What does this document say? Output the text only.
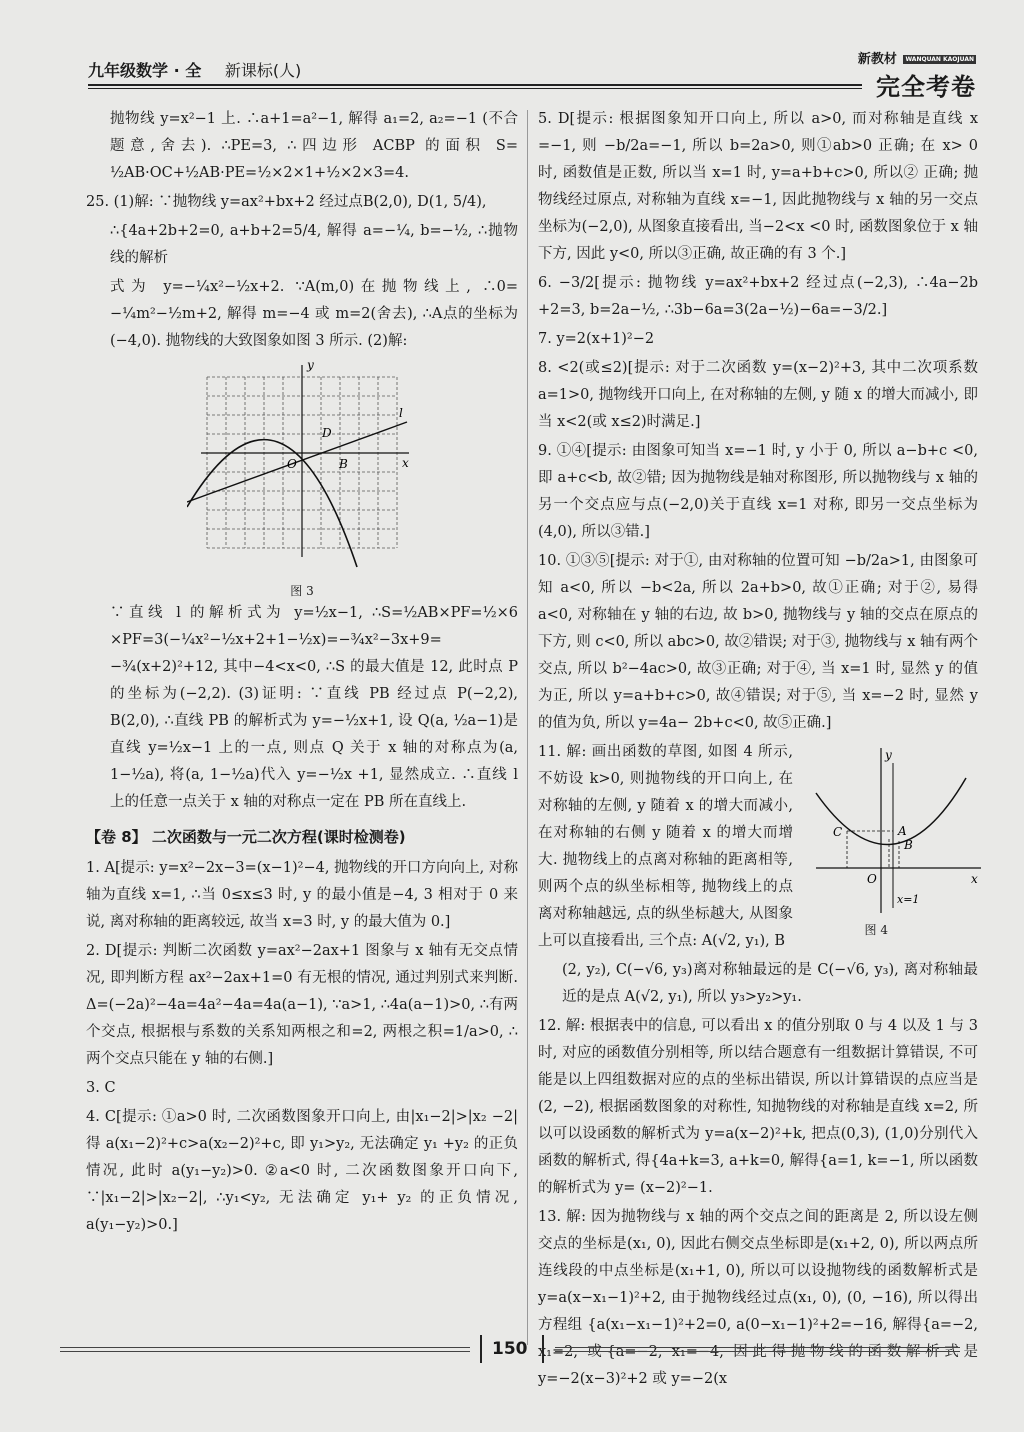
九年级数学 · 全 新课标(人)
新教材 WANQUAN KAOJUAN
完全考卷
抛物线 y=x²−1 上. ∴a+1=a²−1, 解得 a₁=2, a₂=−1 (不合题意,舍去). ∴PE=3, ∴四边形 ACBP 的面积 S= ½AB·OC+½AB·PE=½×2×1+½×2×3=4.
25. (1)解: ∵抛物线 y=ax²+bx+2 经过点B(2,0), D(1, 5/4),
∴{4a+2b+2=0, a+b+2=5/4, 解得 a=−¼, b=−½, ∴抛物线的解析
式为 y=−¼x²−½x+2. ∵A(m,0)在抛物线上, ∴0= −¼m²−½m+2, 解得 m=−4 或 m=2(舍去), ∴A点的坐标为(−4,0). 抛物线的大致图象如图 3 所示. (2)解:
y
x
O
D
B
l
图 3
∵直线 l 的解析式为 y=½x−1, ∴S=½AB×PF=½×6 ×PF=3(−¼x²−½x+2+1−½x)=−¾x²−3x+9= −¾(x+2)²+12, 其中−4<x<0, ∴S 的最大值是 12, 此时点 P 的坐标为(−2,2). (3)证明: ∵直线 PB 经过点 P(−2,2), B(2,0), ∴直线 PB 的解析式为 y=−½x+1, 设 Q(a, ½a−1)是直线 y=½x−1 上的一点, 则点 Q 关于 x 轴的对称点为(a, 1−½a), 将(a, 1−½a)代入 y=−½x +1, 显然成立. ∴直线 l 上的任意一点关于 x 轴的对称点一定在 PB 所在直线上.
【卷 8】 二次函数与一元二次方程(课时检测卷)
1. A[提示: y=x²−2x−3=(x−1)²−4, 抛物线的开口方向向上, 对称轴为直线 x=1, ∴当 0≤x≤3 时, y 的最小值是−4, 3 相对于 0 来说, 离对称轴的距离较远, 故当 x=3 时, y 的最大值为 0.]
2. D[提示: 判断二次函数 y=ax²−2ax+1 图象与 x 轴有无交点情况, 即判断方程 ax²−2ax+1=0 有无根的情况, 通过判别式来判断. Δ=(−2a)²−4a=4a²−4a=4a(a−1), ∵a>1, ∴4a(a−1)>0, ∴有两个交点, 根据根与系数的关系知两根之和=2, 两根之积=1/a>0, ∴两个交点只能在 y 轴的右侧.]
3. C
4. C[提示: ①a>0 时, 二次函数图象开口向上, 由|x₁−2|>|x₂ −2|得 a(x₁−2)²+c>a(x₂−2)²+c, 即 y₁>y₂, 无法确定 y₁ +y₂ 的正负情况, 此时 a(y₁−y₂)>0. ②a<0 时, 二次函数图象开口向下, ∵|x₁−2|>|x₂−2|, ∴y₁<y₂, 无法确定 y₁+ y₂ 的正负情况, a(y₁−y₂)>0.]
5. D[提示: 根据图象知开口向上, 所以 a>0, 而对称轴是直线 x =−1, 则 −b/2a=−1, 所以 b=2a>0, 则①ab>0 正确; 在 x> 0 时, 函数值是正数, 所以当 x=1 时, y=a+b+c>0, 所以② 正确; 抛物线经过原点, 对称轴为直线 x=−1, 因此抛物线与 x 轴的另一交点坐标为(−2,0), 从图象直接看出, 当−2<x <0 时, 函数图象位于 x 轴下方, 因此 y<0, 所以③正确, 故正确的有 3 个.]
6. −3/2[提示: 抛物线 y=ax²+bx+2 经过点(−2,3), ∴4a−2b +2=3, b=2a−½, ∴3b−6a=3(2a−½)−6a=−3/2.]
7. y=2(x+1)²−2
8. <2(或≤2)[提示: 对于二次函数 y=(x−2)²+3, 其中二次项系数 a=1>0, 抛物线开口向上, 在对称轴的左侧, y 随 x 的增大而减小, 即当 x<2(或 x≤2)时满足.]
9. ①④[提示: 由图象可知当 x=−1 时, y 小于 0, 所以 a−b+c <0, 即 a+c<b, 故②错; 因为抛物线是轴对称图形, 所以抛物线与 x 轴的另一个交点应与点(−2,0)关于直线 x=1 对称, 即另一交点坐标为(4,0), 所以③错.]
10. ①③⑤[提示: 对于①, 由对称轴的位置可知 −b/2a>1, 由图象可知 a<0, 所以 −b<2a, 所以 2a+b>0, 故①正确; 对于②, 易得 a<0, 对称轴在 y 轴的右边, 故 b>0, 抛物线与 y 轴的交点在原点的下方, 则 c<0, 所以 abc>0, 故②错误; 对于③, 抛物线与 x 轴有两个交点, 所以 b²−4ac>0, 故③正确; 对于④, 当 x=1 时, 显然 y 的值为正, 所以 y=a+b+c>0, 故④错误; 对于⑤, 当 x=−2 时, 显然 y 的值为负, 所以 y=4a− 2b+c<0, 故⑤正确.]
11. 解: 画出函数的草图, 如图 4 所示, 不妨设 k>0, 则抛物线的开口向上, 在对称轴的左侧, y 随着 x 的增大而减小, 在对称轴的右侧 y 随着 x 的增大而增大. 抛物线上的点离对称轴的距离相等, 则两个点的纵坐标相等, 抛物线上的点离对称轴越远, 点的纵坐标越大, 从图象上可以直接看出, 三个点: A(√2, y₁), B
y
x
O
C	A
B
x=1
图 4
(2, y₂), C(−√6, y₃)离对称轴最远的是 C(−√6, y₃), 离对称轴最近的是点 A(√2, y₁), 所以 y₃>y₂>y₁.
12. 解: 根据表中的信息, 可以看出 x 的值分别取 0 与 4 以及 1 与 3 时, 对应的函数值分别相等, 所以结合题意有一组数据计算错误, 不可能是以上四组数据对应的点的坐标出错误, 所以计算错误的点应当是(2, −2), 根据函数图象的对称性, 知抛物线的对称轴是直线 x=2, 所以可以设函数的解析式为 y=a(x−2)²+k, 把点(0,3), (1,0)分别代入函数的解析式, 得{4a+k=3, a+k=0, 解得{a=1, k=−1, 所以函数的解析式为 y= (x−2)²−1.
13. 解: 因为抛物线与 x 轴的两个交点之间的距离是 2, 所以设左侧交点的坐标是(x₁, 0), 因此右侧交点坐标即是(x₁+2, 0), 所以两点所连线段的中点坐标是(x₁+1, 0), 所以可以设抛物线的函数解析式是 y=a(x−x₁−1)²+2, 由于抛物线经过点(x₁, 0), (0, −16), 所以得出方程组 {a(x₁−x₁−1)²+2=0, a(0−x₁−1)²+2=−16, 解得{a=−2, x₁=2, 或{a=−2, x₁=−4, 因此得抛物线的函数解析式是 y=−2(x−3)²+2 或 y=−2(x
150
